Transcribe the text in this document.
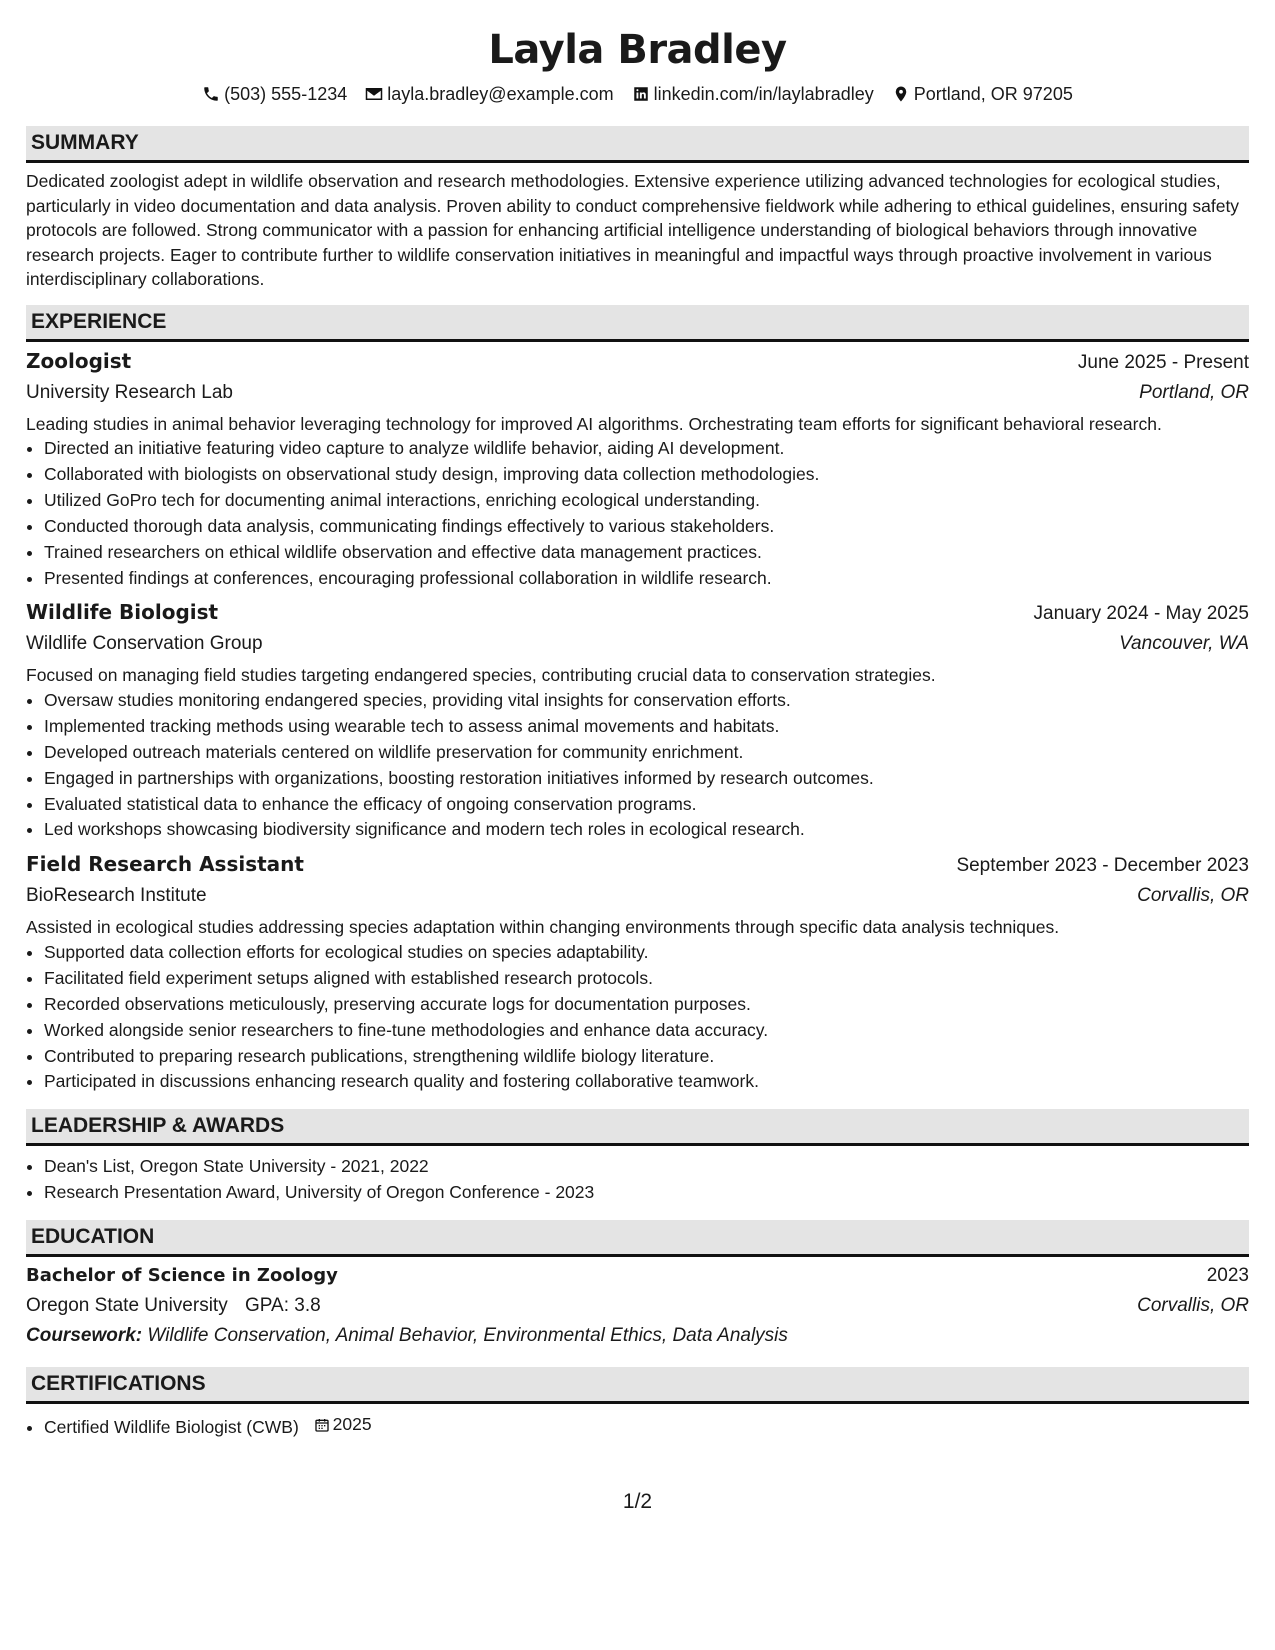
Layla Bradley
(503) 555-1234 layla.bradley@example.com linkedin.com/in/laylabradley Portland, OR 97205
SUMMARY
Dedicated zoologist adept in wildlife observation and research methodologies. Extensive experience utilizing advanced technologies for ecological studies, particularly in video documentation and data analysis. Proven ability to conduct comprehensive fieldwork while adhering to ethical guidelines, ensuring safety protocols are followed. Strong communicator with a passion for enhancing artificial intelligence understanding of biological behaviors through innovative research projects. Eager to contribute further to wildlife conservation initiatives in meaningful and impactful ways through proactive involvement in various interdisciplinary collaborations.
EXPERIENCE
Zoologist	June 2025 - Present
University Research Lab	Portland, OR
Leading studies in animal behavior leveraging technology for improved AI algorithms. Orchestrating team efforts for significant behavioral research.
• Directed an initiative featuring video capture to analyze wildlife behavior, aiding AI development.
• Collaborated with biologists on observational study design, improving data collection methodologies.
• Utilized GoPro tech for documenting animal interactions, enriching ecological understanding.
• Conducted thorough data analysis, communicating findings effectively to various stakeholders.
• Trained researchers on ethical wildlife observation and effective data management practices.
• Presented findings at conferences, encouraging professional collaboration in wildlife research.
Wildlife Biologist	January 2024 - May 2025
Wildlife Conservation Group	Vancouver, WA
Focused on managing field studies targeting endangered species, contributing crucial data to conservation strategies.
• Oversaw studies monitoring endangered species, providing vital insights for conservation efforts.
• Implemented tracking methods using wearable tech to assess animal movements and habitats.
• Developed outreach materials centered on wildlife preservation for community enrichment.
• Engaged in partnerships with organizations, boosting restoration initiatives informed by research outcomes.
• Evaluated statistical data to enhance the efficacy of ongoing conservation programs.
• Led workshops showcasing biodiversity significance and modern tech roles in ecological research.
Field Research Assistant	September 2023 - December 2023
BioResearch Institute	Corvallis, OR
Assisted in ecological studies addressing species adaptation within changing environments through specific data analysis techniques.
• Supported data collection efforts for ecological studies on species adaptability.
• Facilitated field experiment setups aligned with established research protocols.
• Recorded observations meticulously, preserving accurate logs for documentation purposes.
• Worked alongside senior researchers to fine-tune methodologies and enhance data accuracy.
• Contributed to preparing research publications, strengthening wildlife biology literature.
• Participated in discussions enhancing research quality and fostering collaborative teamwork.
LEADERSHIP & AWARDS
• Dean's List, Oregon State University - 2021, 2022
• Research Presentation Award, University of Oregon Conference - 2023
EDUCATION
Bachelor of Science in Zoology	2023
Oregon State University GPA: 3.8	Corvallis, OR
Coursework: Wildlife Conservation, Animal Behavior, Environmental Ethics, Data Analysis
CERTIFICATIONS
• Certified Wildlife Biologist (CWB) 2025
1/2
